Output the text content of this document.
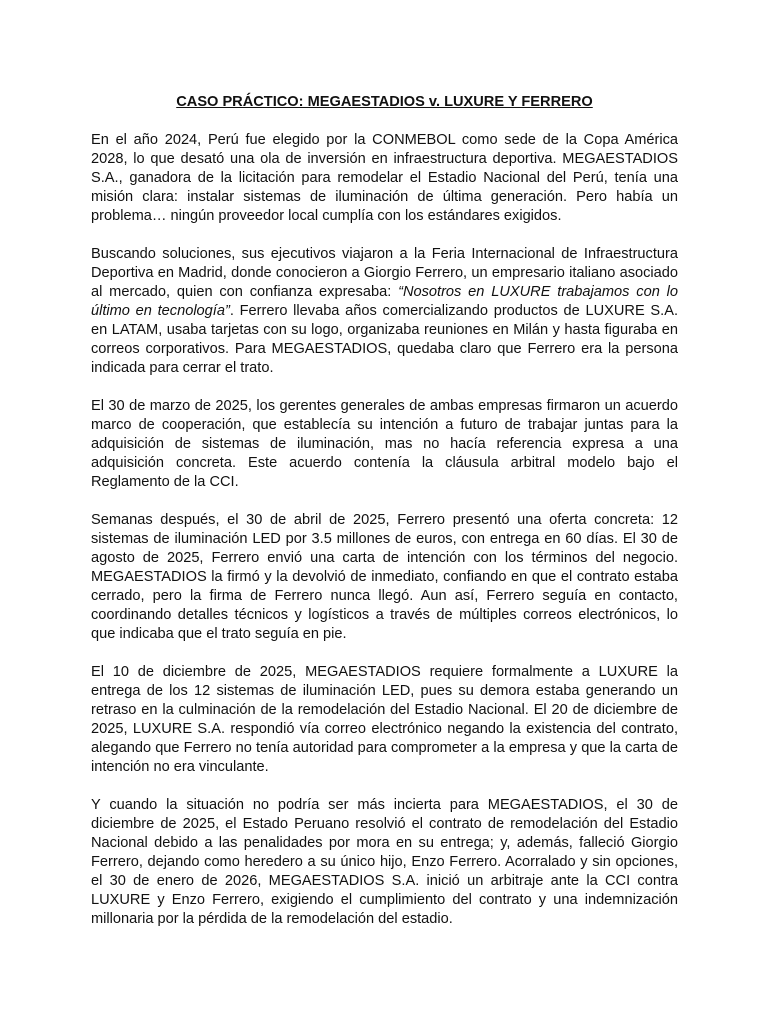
CASO PRÁCTICO: MEGAESTADIOS v. LUXURE Y FERRERO

En el año 2024, Perú fue elegido por la CONMEBOL como sede de la Copa América 2028, lo que desató una ola de inversión en infraestructura deportiva. MEGAESTADIOS S.A., ganadora de la licitación para remodelar el Estadio Nacional del Perú, tenía una misión clara: instalar sistemas de iluminación de última generación. Pero había un problema… ningún proveedor local cumplía con los estándares exigidos.

Buscando soluciones, sus ejecutivos viajaron a la Feria Internacional de Infraestructura Deportiva en Madrid, donde conocieron a Giorgio Ferrero, un empresario italiano asociado al mercado, quien con confianza expresaba: “Nosotros en LUXURE trabajamos con lo último en tecnología”. Ferrero llevaba años comercializando productos de LUXURE S.A. en LATAM, usaba tarjetas con su logo, organizaba reuniones en Milán y hasta figuraba en correos corporativos. Para MEGAESTADIOS, quedaba claro que Ferrero era la persona indicada para cerrar el trato.

El 30 de marzo de 2025, los gerentes generales de ambas empresas firmaron un acuerdo marco de cooperación, que establecía su intención a futuro de trabajar juntas para la adquisición de sistemas de iluminación, mas no hacía referencia expresa a una adquisición concreta. Este acuerdo contenía la cláusula arbitral modelo bajo el Reglamento de la CCI.

Semanas después, el 30 de abril de 2025, Ferrero presentó una oferta concreta: 12 sistemas de iluminación LED por 3.5 millones de euros, con entrega en 60 días. El 30 de agosto de 2025, Ferrero envió una carta de intención con los términos del negocio. MEGAESTADIOS la firmó y la devolvió de inmediato, confiando en que el contrato estaba cerrado, pero la firma de Ferrero nunca llegó. Aun así, Ferrero seguía en contacto, coordinando detalles técnicos y logísticos a través de múltiples correos electrónicos, lo que indicaba que el trato seguía en pie.

El 10 de diciembre de 2025, MEGAESTADIOS requiere formalmente a LUXURE la entrega de los 12 sistemas de iluminación LED, pues su demora estaba generando un retraso en la culminación de la remodelación del Estadio Nacional. El 20 de diciembre de 2025, LUXURE S.A. respondió vía correo electrónico negando la existencia del contrato, alegando que Ferrero no tenía autoridad para comprometer a la empresa y que la carta de intención no era vinculante.

Y cuando la situación no podría ser más incierta para MEGAESTADIOS, el 30 de diciembre de 2025, el Estado Peruano resolvió el contrato de remodelación del Estadio Nacional debido a las penalidades por mora en su entrega; y, además, falleció Giorgio Ferrero, dejando como heredero a su único hijo, Enzo Ferrero. Acorralado y sin opciones, el 30 de enero de 2026, MEGAESTADIOS S.A. inició un arbitraje ante la CCI contra LUXURE y Enzo Ferrero, exigiendo el cumplimiento del contrato y una indemnización millonaria por la pérdida de la remodelación del estadio.
